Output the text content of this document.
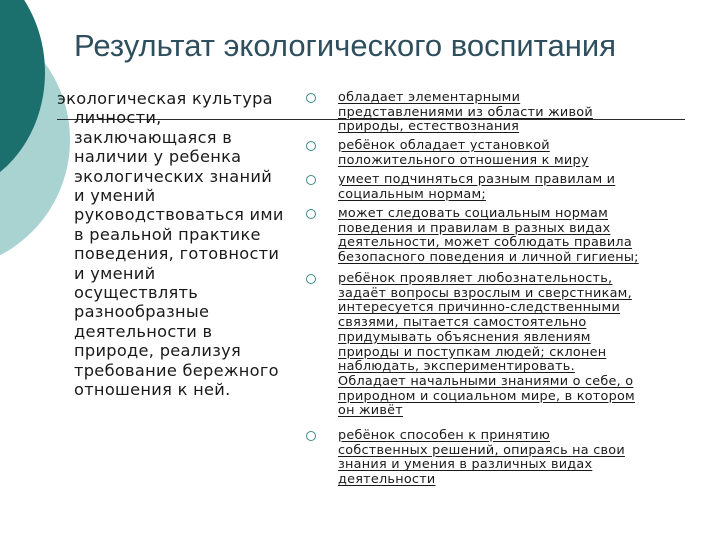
Результат экологического воспитания
экологическая культура
личности,
заключающаяся в
наличии у ребенка
экологических знаний
и умений
руководствоваться ими
в реальной практике
поведения, готовности
и умений
осуществлять
разнообразные
деятельности в
природе, реализуя
требование бережного
отношения к ней.
обладает элементарными
представлениями из области живой
природы, естествознания
ребёнок обладает установкой
положительного отношения к миру
умеет подчиняться разным правилам и
социальным нормам;
может следовать социальным нормам
поведения и правилам в разных видах
деятельности, может соблюдать правила
безопасного поведения и личной гигиены;
ребёнок проявляет любознательность,
задаёт вопросы взрослым и сверстникам,
интересуется причинно-следственными
связями, пытается самостоятельно
придумывать объяснения явлениям
природы и поступкам людей; склонен
наблюдать, экспериментировать.
Обладает начальными знаниями о себе, о
природном и социальном мире, в котором
он живёт
ребёнок способен к принятию
собственных решений, опираясь на свои
знания и умения в различных видах
деятельности
